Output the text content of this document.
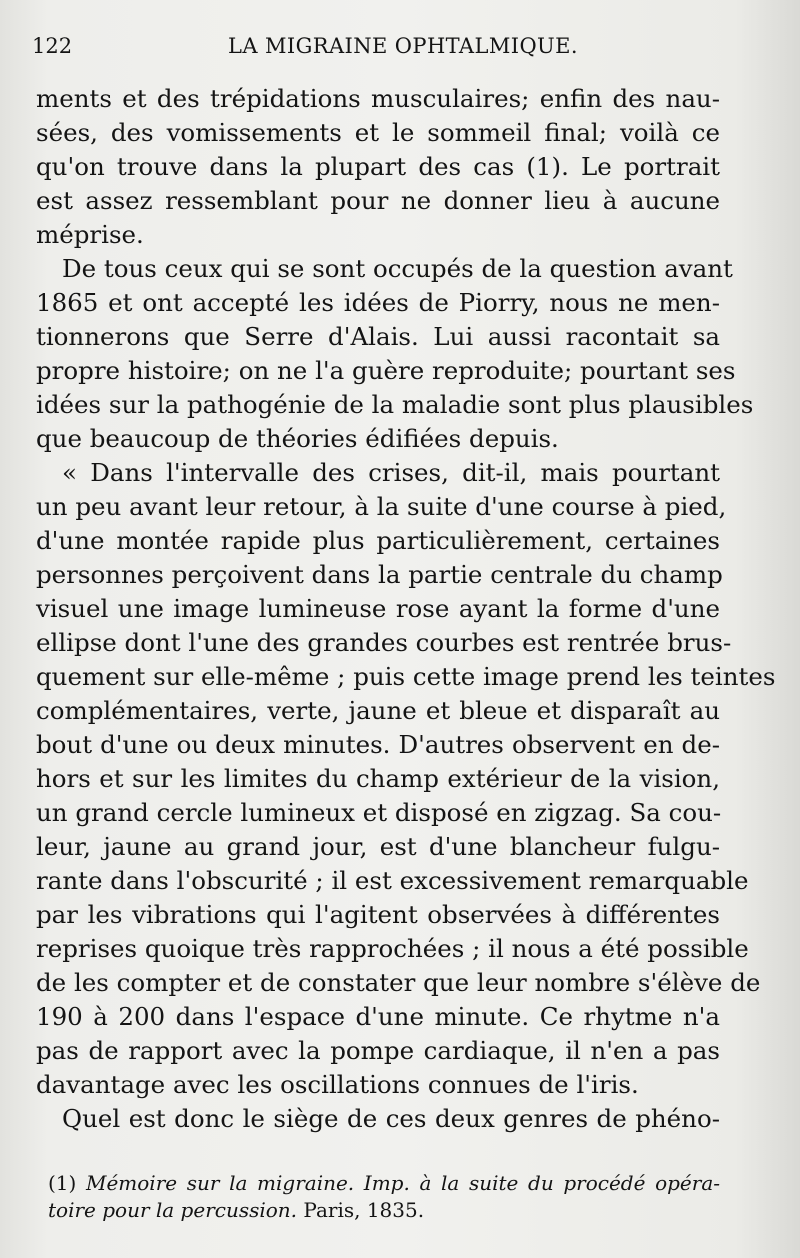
122	LA MIGRAINE OPHTALMIQUE.
ments et des trépidations musculaires; enfin des nau-
sées, des vomissements et le sommeil final; voilà ce
qu'on trouve dans la plupart des cas (1). Le portrait
est assez ressemblant pour ne donner lieu à aucune
méprise.
De tous ceux qui se sont occupés de la question avant
1865 et ont accepté les idées de Piorry, nous ne men-
tionnerons que Serre d'Alais. Lui aussi racontait sa
propre histoire; on ne l'a guère reproduite; pourtant ses
idées sur la pathogénie de la maladie sont plus plausibles
que beaucoup de théories édifiées depuis.
« Dans l'intervalle des crises, dit-il, mais pourtant
un peu avant leur retour, à la suite d'une course à pied,
d'une montée rapide plus particulièrement, certaines
personnes perçoivent dans la partie centrale du champ
visuel une image lumineuse rose ayant la forme d'une
ellipse dont l'une des grandes courbes est rentrée brus-
quement sur elle-même ; puis cette image prend les teintes
complémentaires, verte, jaune et bleue et disparaît au
bout d'une ou deux minutes. D'autres observent en de-
hors et sur les limites du champ extérieur de la vision,
un grand cercle lumineux et disposé en zigzag. Sa cou-
leur, jaune au grand jour, est d'une blancheur fulgu-
rante dans l'obscurité ; il est excessivement remarquable
par les vibrations qui l'agitent observées à différentes
reprises quoique très rapprochées ; il nous a été possible
de les compter et de constater que leur nombre s'élève de
190 à 200 dans l'espace d'une minute. Ce rhytme n'a
pas de rapport avec la pompe cardiaque, il n'en a pas
davantage avec les oscillations connues de l'iris.
Quel est donc le siège de ces deux genres de phéno-
(1) Mémoire sur la migraine. Imp. à la suite du procédé opéra-
toire pour la percussion. Paris, 1835.
